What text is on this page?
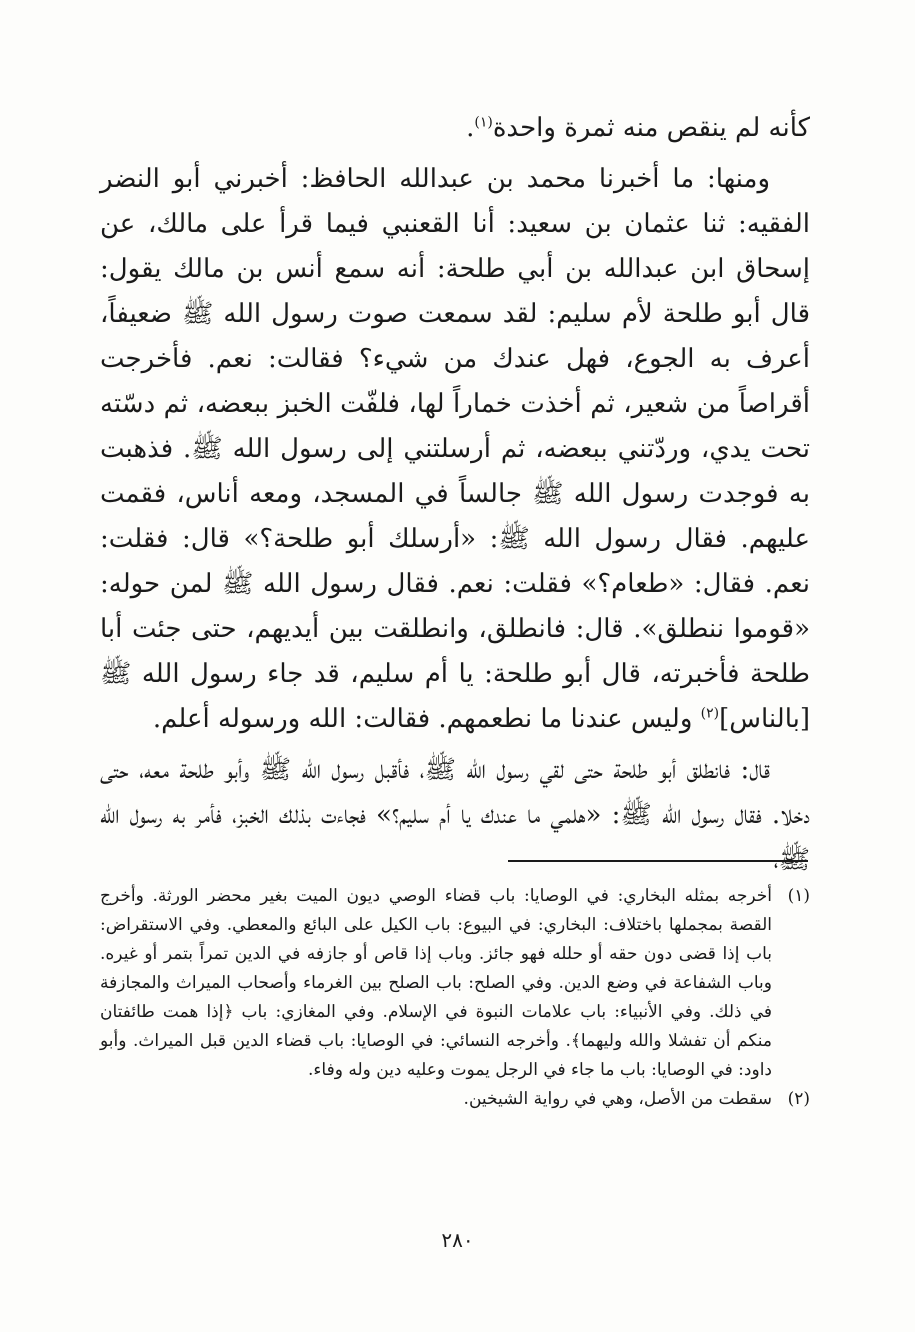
كأنه لم ينقص منه ثمرة واحدة$^{(١)}$.

ومنها: ما أخبرنا محمد بن عبدالله الحافظ: أخبرني أبو النضر الفقيه: ثنا عثمان بن سعيد: أنا القعنبي فيما قرأ على مالك، عن إسحاق ابن عبدالله بن أبي طلحة: أنه سمع أنس بن مالك يقول: قال أبو طلحة لأم سليم: لقد سمعت صوت رسول الله ﷺ ضعيفاً، أعرف به الجوع، فهل عندك من شيء؟ فقالت: نعم. فأخرجت أقراصاً من شعير، ثم أخذت خماراً لها، فلفّت الخبز ببعضه، ثم دسّته تحت يدي، وردّتني ببعضه، ثم أرسلتني إلى رسول الله ﷺ. فذهبت به فوجدت رسول الله ﷺ جالساً في المسجد، ومعه أناس، فقمت عليهم. فقال رسول الله ﷺ: «أرسلك أبو طلحة؟» قال: فقلت: نعم. فقال: «طعام؟» فقلت: نعم. فقال رسول الله ﷺ لمن حوله: «قوموا ننطلق». قال: فانطلق، وانطلقت بين أيديهم، حتى جئت أبا طلحة فأخبرته، قال أبو طلحة: يا أم سليم، قد جاء رسول الله ﷺ [بالناس]$^{(٢)}$ وليس عندنا ما نطعمهم. فقالت: الله ورسوله أعلم.

قال: فانطلق أبو طلحة حتى لقي رسول الله ﷺ، فأقبل رسول الله ﷺ وأبو طلحة معه، حتى دخلا. فقال رسول الله ﷺ: «هلمي ما عندك يا أم سليم؟» فجاءت بذلك الخبز، فأمر به رسول الله ﷺ،

(١)
أخرجه بمثله البخاري: في الوصايا: باب قضاء الوصي ديون الميت بغير محضر الورثة. وأخرج القصة بمجملها باختلاف: البخاري: في البيوع: باب الكيل على البائع والمعطي. وفي الاستقراض: باب إذا قضى دون حقه أو حلله فهو جائز. وباب إذا قاص أو جازفه في الدين تمراً بتمر أو غيره. وباب الشفاعة في وضع الدين. وفي الصلح: باب الصلح بين الغرماء وأصحاب الميراث والمجازفة في ذلك. وفي الأنبياء: باب علامات النبوة في الإسلام. وفي المغازي: باب ﴿إذا همت طائفتان منكم أن تفشلا والله وليهما﴾. وأخرجه النسائي: في الوصايا: باب قضاء الدين قبل الميراث. وأبو داود: في الوصايا: باب ما جاء في الرجل يموت وعليه دين وله وفاء.
(٢)
سقطت من الأصل، وهي في رواية الشيخين.
٢٨٠
